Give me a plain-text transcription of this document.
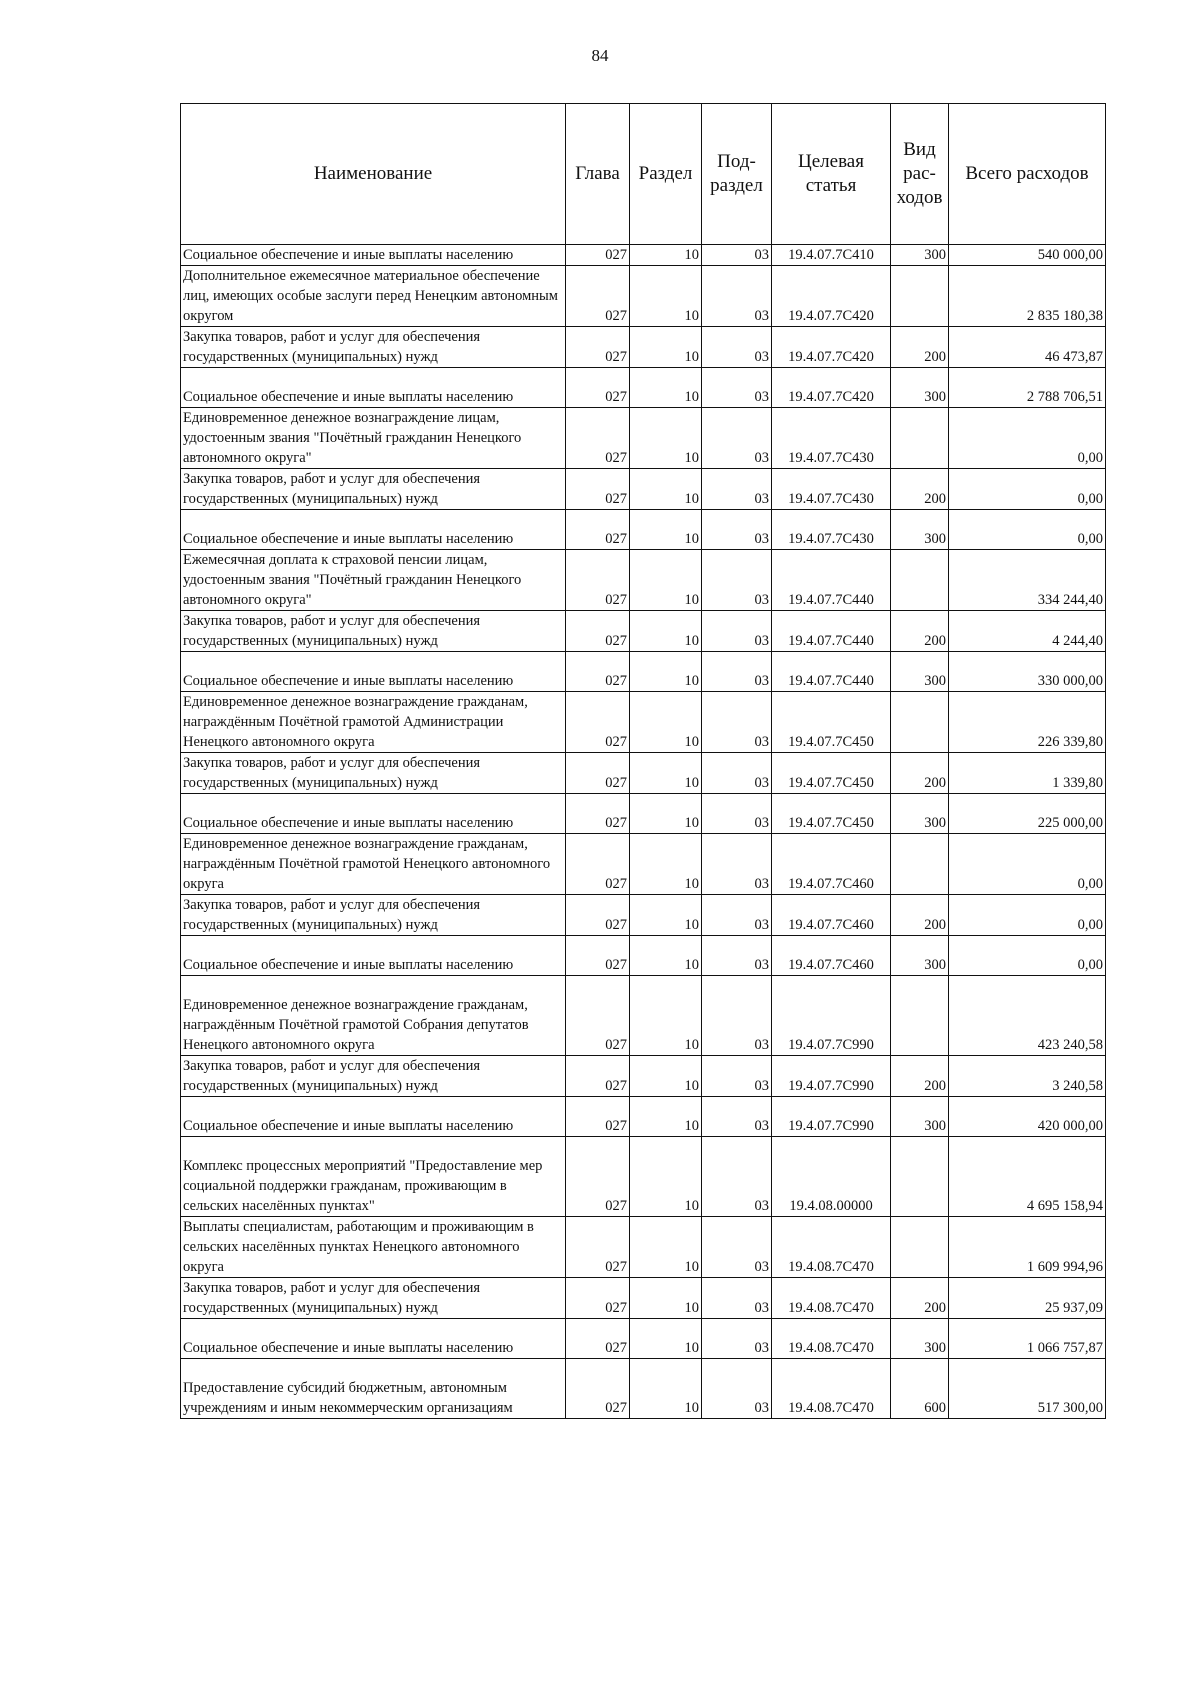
84
Наименование	Глава	Раздел	Под-раздел	Целевая статья	Вид рас-ходов	Всего расходов
Социальное обеспечение и иные выплаты населению	027	10	03	19.4.07.7С410	300	540 000,00
Дополнительное ежемесячное материальное обеспечение лиц, имеющих особые заслуги перед Ненецким автономным округом	027	10	03	19.4.07.7С420		2 835 180,38
Закупка товаров, работ и услуг для обеспечения государственных (муниципальных) нужд	027	10	03	19.4.07.7С420	200	46 473,87
Социальное обеспечение и иные выплаты населению	027	10	03	19.4.07.7С420	300	2 788 706,51
Единовременное денежное вознаграждение лицам, удостоенным звания "Почётный гражданин Ненецкого автономного округа"	027	10	03	19.4.07.7С430		0,00
Закупка товаров, работ и услуг для обеспечения государственных (муниципальных) нужд	027	10	03	19.4.07.7С430	200	0,00
Социальное обеспечение и иные выплаты населению	027	10	03	19.4.07.7С430	300	0,00
Ежемесячная доплата к страховой пенсии лицам, удостоенным звания "Почётный гражданин Ненецкого автономного округа"	027	10	03	19.4.07.7С440		334 244,40
Закупка товаров, работ и услуг для обеспечения государственных (муниципальных) нужд	027	10	03	19.4.07.7С440	200	4 244,40
Социальное обеспечение и иные выплаты населению	027	10	03	19.4.07.7С440	300	330 000,00
Единовременное денежное вознаграждение гражданам, награждённым Почётной грамотой Администрации Ненецкого автономного округа	027	10	03	19.4.07.7С450		226 339,80
Закупка товаров, работ и услуг для обеспечения государственных (муниципальных) нужд	027	10	03	19.4.07.7С450	200	1 339,80
Социальное обеспечение и иные выплаты населению	027	10	03	19.4.07.7С450	300	225 000,00
Единовременное денежное вознаграждение гражданам, награждённым Почётной грамотой Ненецкого автономного округа	027	10	03	19.4.07.7С460		0,00
Закупка товаров, работ и услуг для обеспечения государственных (муниципальных) нужд	027	10	03	19.4.07.7С460	200	0,00
Социальное обеспечение и иные выплаты населению	027	10	03	19.4.07.7С460	300	0,00
Единовременное денежное вознаграждение гражданам, награждённым Почётной грамотой Собрания депутатов Ненецкого автономного округа	027	10	03	19.4.07.7С990		423 240,58
Закупка товаров, работ и услуг для обеспечения государственных (муниципальных) нужд	027	10	03	19.4.07.7С990	200	3 240,58
Социальное обеспечение и иные выплаты населению	027	10	03	19.4.07.7С990	300	420 000,00
Комплекс процессных мероприятий "Предоставление мер социальной поддержки гражданам, проживающим в сельских населённых пунктах"	027	10	03	19.4.08.00000		4 695 158,94
Выплаты специалистам, работающим и проживающим в сельских населённых пунктах Ненецкого автономного округа	027	10	03	19.4.08.7С470		1 609 994,96
Закупка товаров, работ и услуг для обеспечения государственных (муниципальных) нужд	027	10	03	19.4.08.7С470	200	25 937,09
Социальное обеспечение и иные выплаты населению	027	10	03	19.4.08.7С470	300	1 066 757,87
Предоставление субсидий бюджетным, автономным учреждениям и иным некоммерческим организациям	027	10	03	19.4.08.7С470	600	517 300,00
